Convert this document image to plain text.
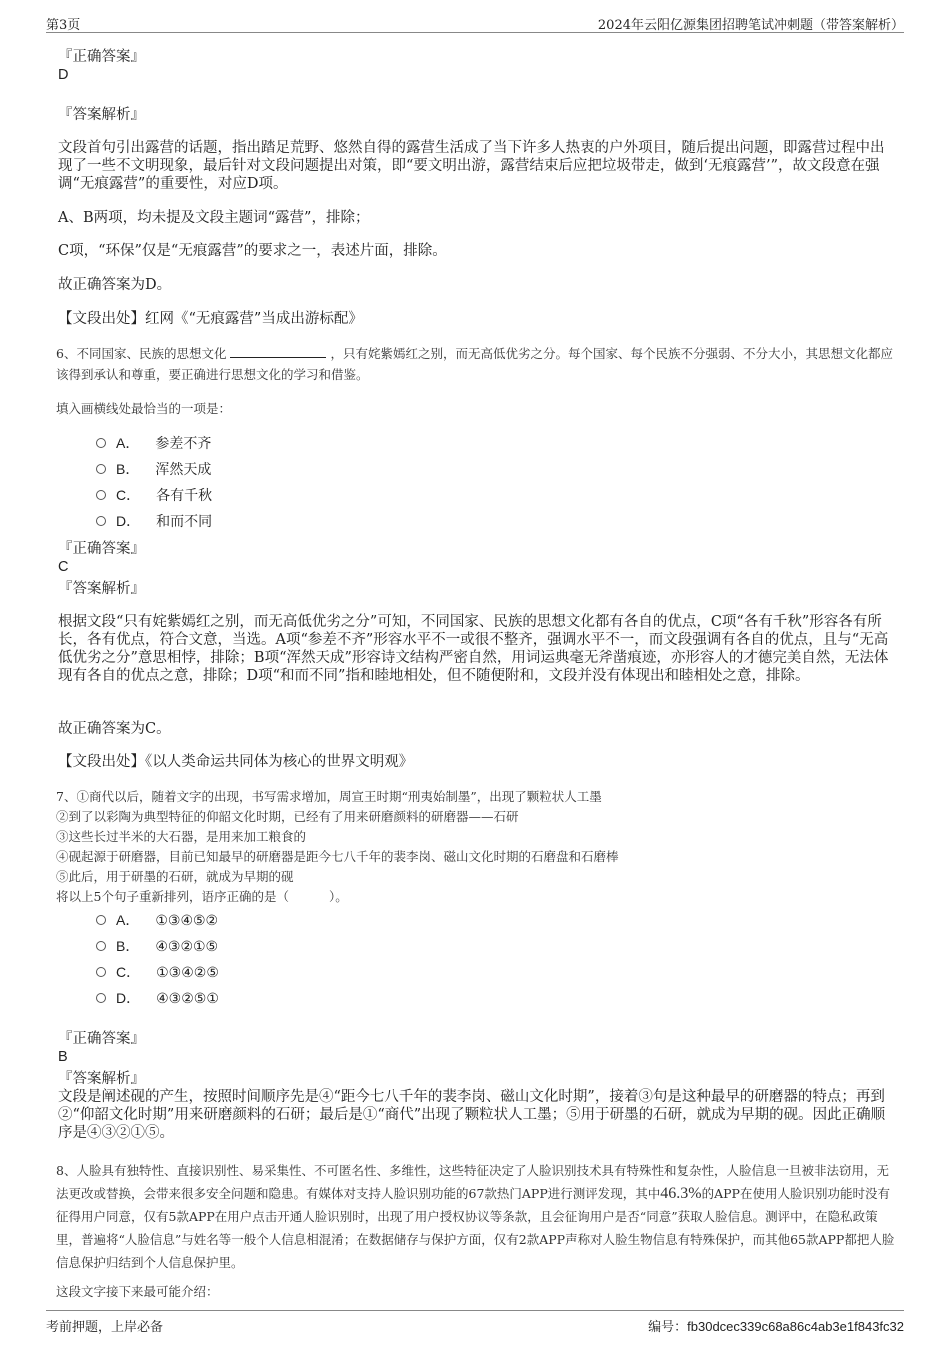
第3页	2024年云阳亿源集团招聘笔试冲刺题（带答案解析）
『正确答案』
D
『答案解析』
文段首句引出露营的话题，指出踏足荒野、悠然自得的露营生活成了当下许多人热衷的户外项目，随后提出问题，即露营过程中出现了一些不文明现象，最后针对文段问题提出对策，即“要文明出游，露营结束后应把垃圾带走，做到‘无痕露营’”，故文段意在强调“无痕露营”的重要性，对应D项。
A、B两项，均未提及文段主题词“露营”，排除；
C项，“环保”仅是“无痕露营”的要求之一，表述片面，排除。
故正确答案为D。
【文段出处】红网《“无痕露营”当成出游标配》
6、不同国家、民族的思想文化	，只有姹紫嫣红之别，而无高低优劣之分。每个国家、每个民族不分强弱、不分大小，其思想文化都应该得到承认和尊重，要正确进行思想文化的学习和借鉴。
填入画横线处最恰当的一项是：
A． 参差不齐
B． 浑然天成
C． 各有千秋
D． 和而不同
『正确答案』
C
『答案解析』
根据文段“只有姹紫嫣红之别，而无高低优劣之分”可知，不同国家、民族的思想文化都有各自的优点，C项“各有千秋”形容各有所长，各有优点，符合文意，当选。A项“参差不齐”形容水平不一或很不整齐，强调水平不一，而文段强调有各自的优点，且与“无高低优劣之分”意思相悖，排除；B项“浑然天成”形容诗文结构严密自然，用词运典毫无斧凿痕迹，亦形容人的才德完美自然，无法体现有各自的优点之意，排除；D项“和而不同”指和睦地相处，但不随便附和，文段并没有体现出和睦相处之意，排除。
故正确答案为C。
【文段出处】《以人类命运共同体为核心的世界文明观》
7、①商代以后，随着文字的出现，书写需求增加，周宣王时期“刑夷始制墨”，出现了颗粒状人工墨
②到了以彩陶为典型特征的仰韶文化时期，已经有了用来研磨颜料的研磨器——石研
③这些长过半米的大石器，是用来加工粮食的
④砚起源于研磨器，目前已知最早的研磨器是距今七八千年的裴李岗、磁山文化时期的石磨盘和石磨棒
⑤此后，用于研墨的石研，就成为早期的砚
将以上5个句子重新排列，语序正确的是（	）。
A． ①③④⑤②
B． ④③②①⑤
C． ①③④②⑤
D． ④③②⑤①
『正确答案』
B
『答案解析』
文段是阐述砚的产生，按照时间顺序先是④“距今七八千年的裴李岗、磁山文化时期”，接着③句是这种最早的研磨器的特点；再到②“仰韶文化时期”用来研磨颜料的石研；最后是①“商代”出现了颗粒状人工墨；⑤用于研墨的石研，就成为早期的砚。因此正确顺序是④③②①⑤。
8、人脸具有独特性、直接识别性、易采集性、不可匿名性、多维性，这些特征决定了人脸识别技术具有特殊性和复杂性，人脸信息一旦被非法窃用，无法更改或替换，会带来很多安全问题和隐患。有媒体对支持人脸识别功能的67款热门APP进行测评发现，其中46.3%的APP在使用人脸识别功能时没有征得用户同意，仅有5款APP在用户点击开通人脸识别时，出现了用户授权协议等条款，且会征询用户是否“同意”获取人脸信息。测评中，在隐私政策里，普遍将“人脸信息”与姓名等一般个人信息相混淆；在数据储存与保护方面，仅有2款APP声称对人脸生物信息有特殊保护，而其他65款APP都把人脸信息保护归结到个人信息保护里。
这段文字接下来最可能介绍：
考前押题，上岸必备	编号：fb30dcec339c68a86c4ab3e1f843fc32
